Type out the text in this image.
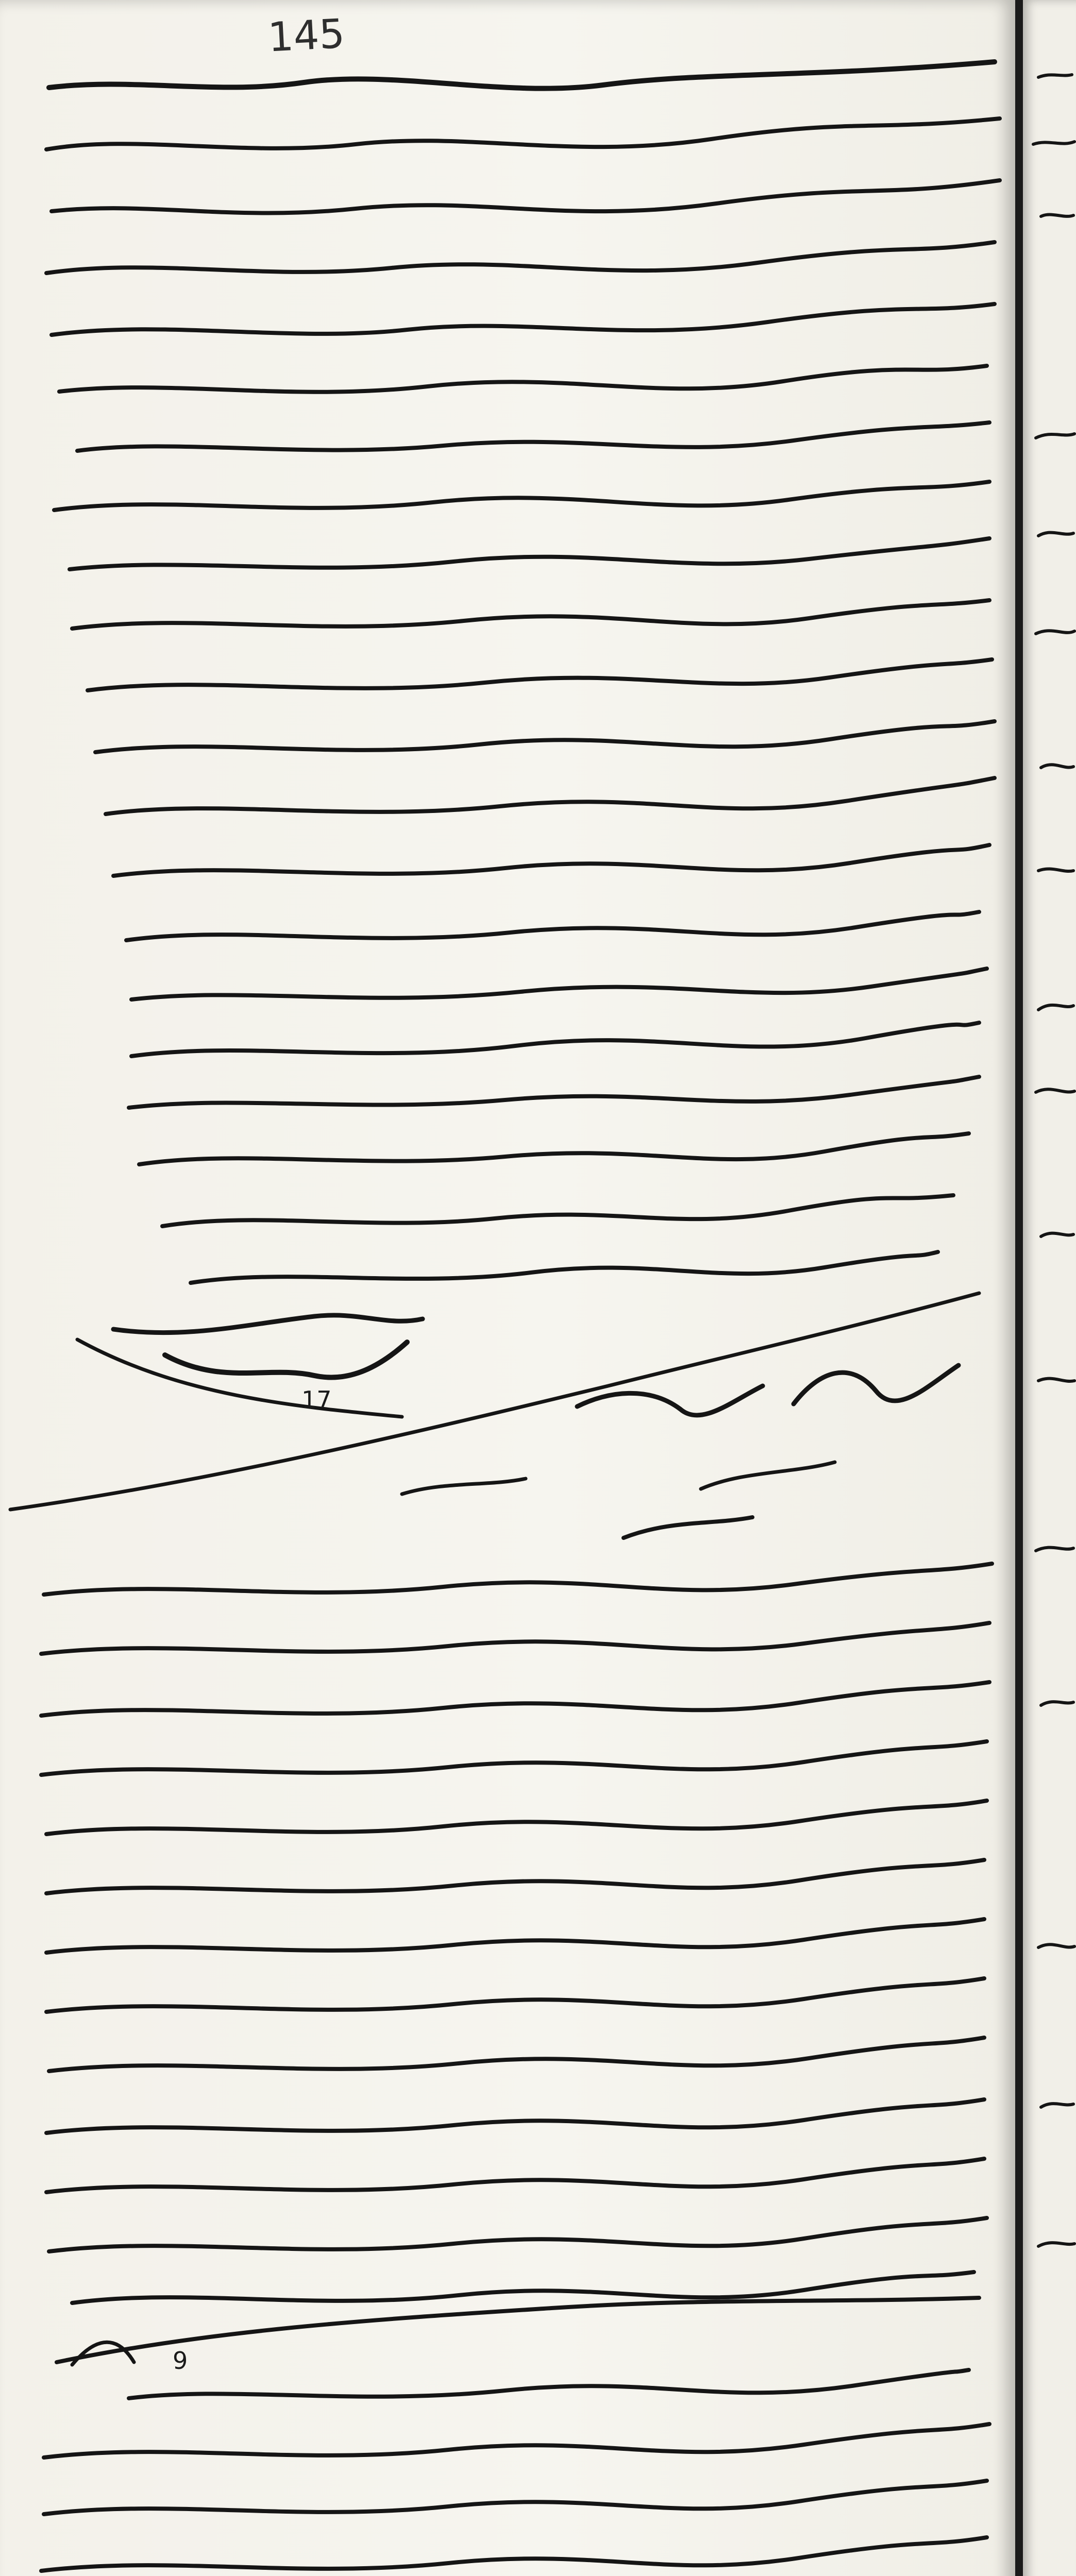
145
17
9
